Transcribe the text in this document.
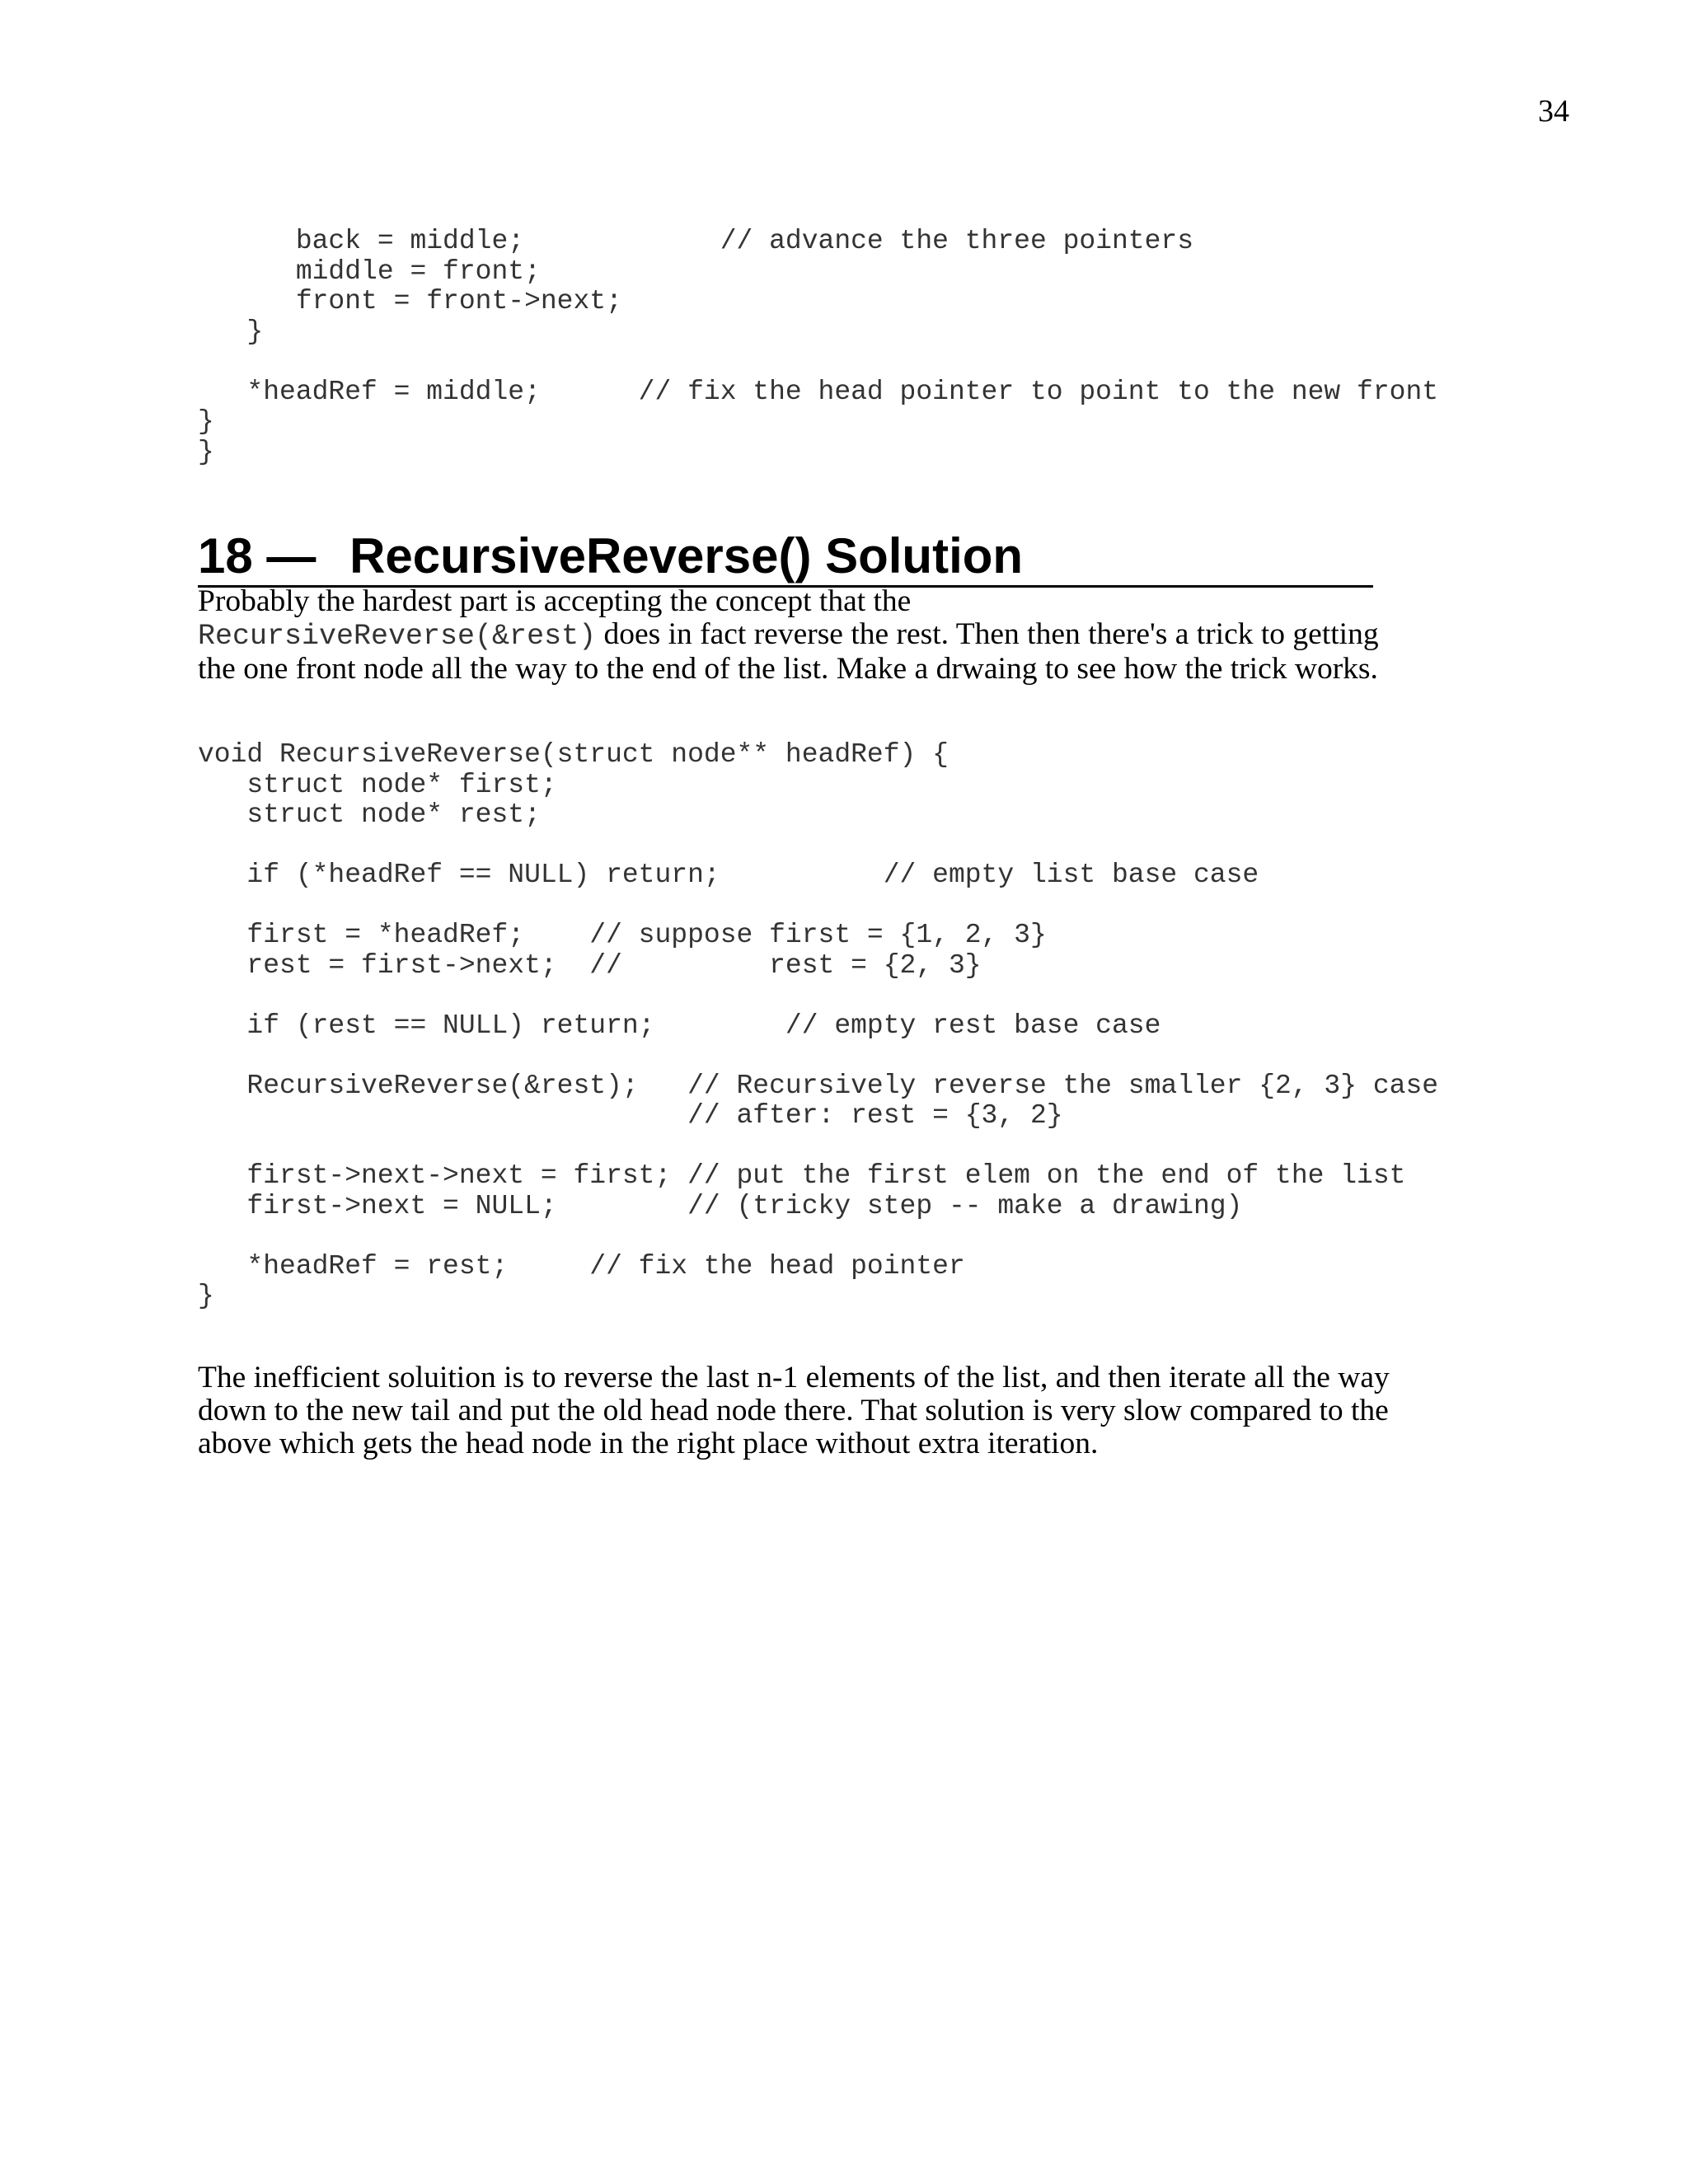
34
back = middle;            // advance the three pointers
middle = front;
front = front->next;
}

*headRef = middle;      // fix the head pointer to point to the new front
}
}
18 — RecursiveReverse() Solution

Probably the hardest part is accepting the concept that the
RecursiveReverse(&rest) does in fact reverse the rest. Then then there's a trick to getting the one front node all the way to the end of the list. Make a drwaing to see how the trick works.

void RecursiveReverse(struct node** headRef) {
struct node* first;
struct node* rest;

if (*headRef == NULL) return;          // empty list base case

first = *headRef;    // suppose first = {1, 2, 3}
rest = first->next;  //         rest = {2, 3}

if (rest == NULL) return;        // empty rest base case

RecursiveReverse(&rest);   // Recursively reverse the smaller {2, 3} case
// after: rest = {3, 2}

first->next->next = first; // put the first elem on the end of the list
first->next = NULL;        // (tricky step -- make a drawing)

*headRef = rest;     // fix the head pointer
}

The inefficient soluition is to reverse the last n-1 elements of the list, and then iterate all the way down to the new tail and put the old head node there. That solution is very slow compared to the above which gets the head node in the right place without extra iteration.
